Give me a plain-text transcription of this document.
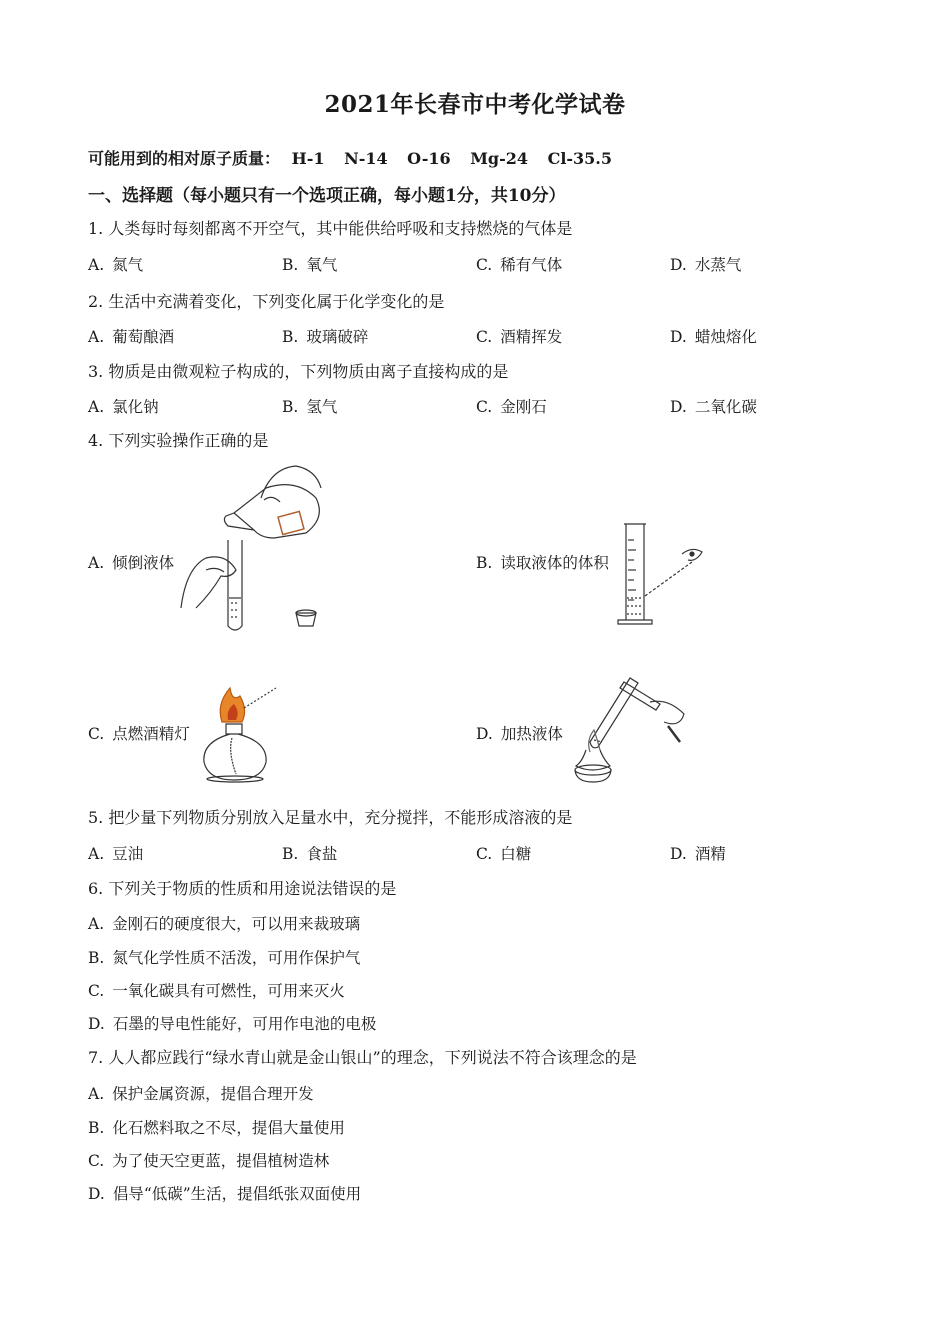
2021年长春市中考化学试卷
可能用到的相对原子质量： H-1 N-14 O-16 Mg-24 Cl-35.5
一、选择题（每小题只有一个选项正确，每小题1分，共10分）
1. 人类每时每刻都离不开空气，其中能供给呼吸和支持燃烧的气体是
A. 氮气	B. 氧气	C. 稀有气体	D. 水蒸气
2. 生活中充满着变化，下列变化属于化学变化的是
A. 葡萄酿酒	B. 玻璃破碎	C. 酒精挥发	D. 蜡烛熔化
3. 物质是由微观粒子构成的，下列物质由离子直接构成的是
A. 氯化钠	B. 氢气	C. 金刚石	D. 二氧化碳
4. 下列实验操作正确的是
A. 倾倒液体	B. 读取液体的体积
C. 点燃酒精灯	D. 加热液体
5. 把少量下列物质分别放入足量水中，充分搅拌，不能形成溶液的是
A. 豆油	B. 食盐	C. 白糖	D. 酒精
6. 下列关于物质的性质和用途说法错误的是
A. 金刚石的硬度很大，可以用来裁玻璃
B. 氮气化学性质不活泼，可用作保护气
C. 一氧化碳具有可燃性，可用来灭火
D. 石墨的导电性能好，可用作电池的电极
7. 人人都应践行“绿水青山就是金山银山”的理念，下列说法不符合该理念的是
A. 保护金属资源，提倡合理开发
B. 化石燃料取之不尽，提倡大量使用
C. 为了使天空更蓝，提倡植树造林
D. 倡导“低碳”生活，提倡纸张双面使用
